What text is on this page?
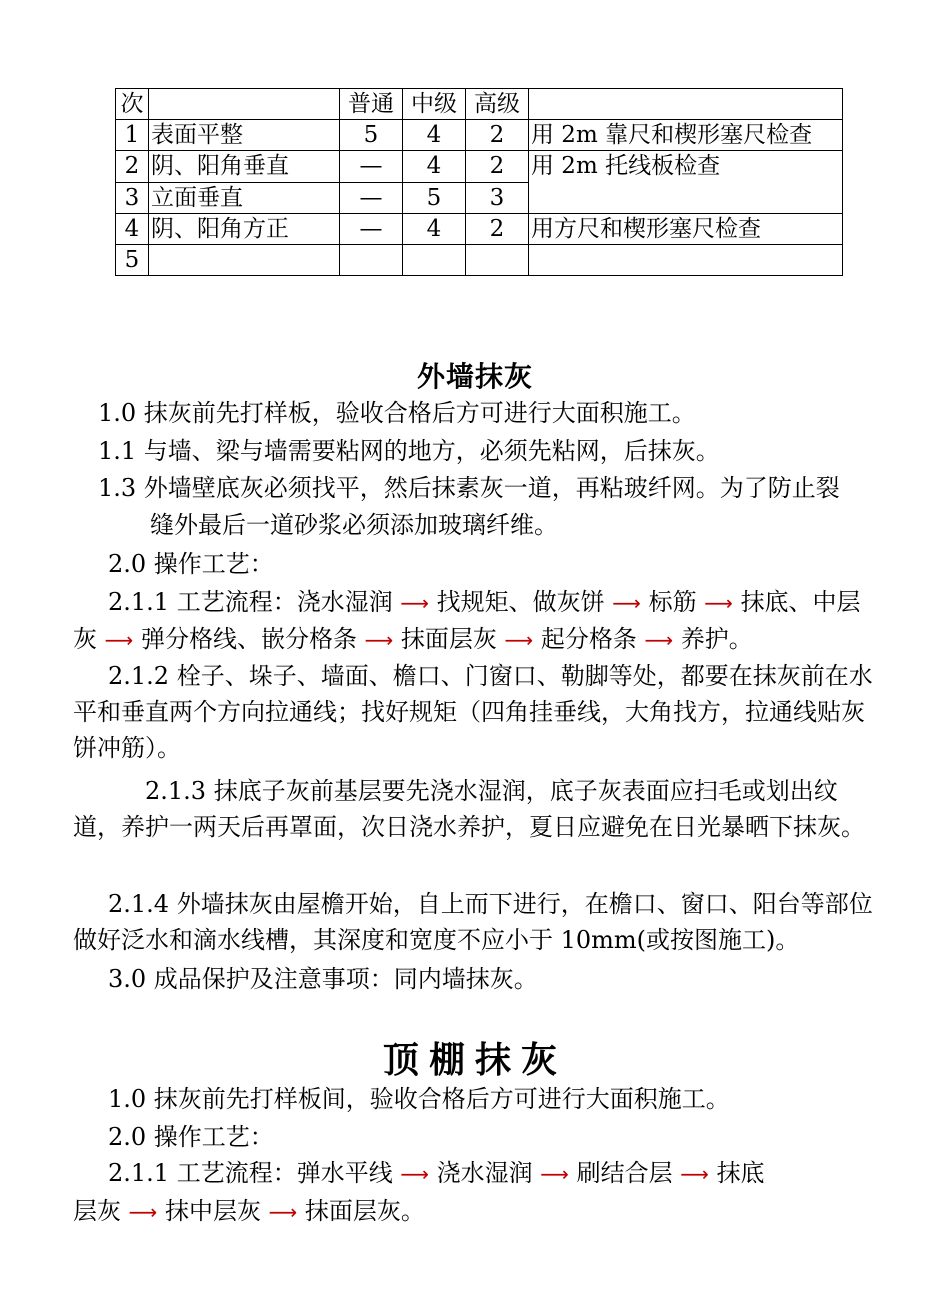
次		普通	中级	高级	
1	表面平整	5	4	2	用 2m 靠尺和楔形塞尺检查
2	阴、阳角垂直	—	4	2	用 2m 托线板检查
3	立面垂直	—	5	3	
4	阴、阳角方正	—	4	2	用方尺和楔形塞尺检查
5					
外墙抹灰
1.0 抹灰前先打样板，验收合格后方可进行大面积施工。
1.1 与墙、梁与墙需要粘网的地方，必须先粘网，后抹灰。
1.3 外墙壁底灰必须找平，然后抹素灰一道，再粘玻纤网。为了防止裂
缝外最后一道砂浆必须添加玻璃纤维。
2.0 操作工艺：
2.1.1 工艺流程：浇水湿润 ⟶ 找规矩、做灰饼 ⟶ 标筋 ⟶ 抹底、中层
灰 ⟶ 弹分格线、嵌分格条 ⟶ 抹面层灰 ⟶ 起分格条 ⟶ 养护。
2.1.2 栓子、垛子、墙面、檐口、门窗口、勒脚等处，都要在抹灰前在水平和垂直两个方向拉通线；找好规矩（四角挂垂线，大角找方，拉通线贴灰饼冲筋）。
2.1.3 抹底子灰前基层要先浇水湿润，底子灰表面应扫毛或划出纹道，养护一两天后再罩面，次日浇水养护，夏日应避免在日光暴晒下抹灰。
2.1.4 外墙抹灰由屋檐开始，自上而下进行，在檐口、窗口、阳台等部位做好泛水和滴水线槽，其深度和宽度不应小于 10mm(或按图施工)。
3.0 成品保护及注意事项：同内墙抹灰。
顶棚抹灰
1.0 抹灰前先打样板间，验收合格后方可进行大面积施工。
2.0 操作工艺：
2.1.1 工艺流程：弹水平线 ⟶ 浇水湿润 ⟶ 刷结合层 ⟶ 抹底
层灰 ⟶ 抹中层灰 ⟶ 抹面层灰。
